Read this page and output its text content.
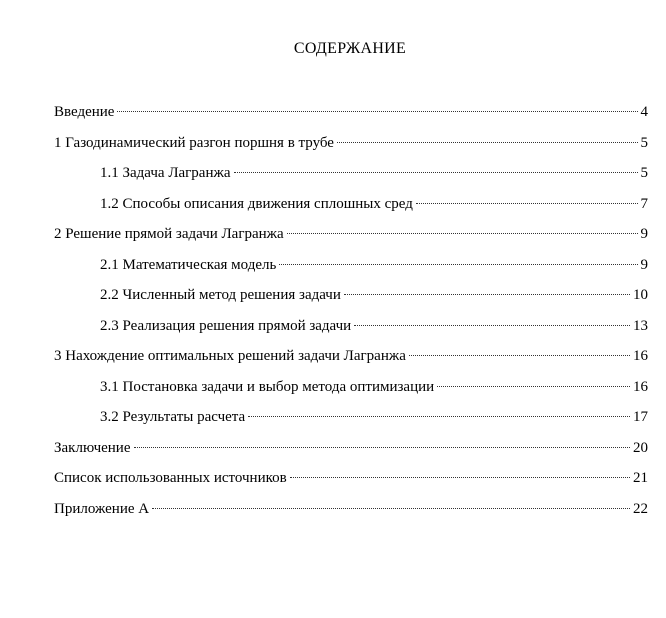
СОДЕРЖАНИЕ
Введение	4
1 Газодинамический разгон поршня в трубе	5
1.1 Задача Лагранжа	5
1.2 Способы описания движения сплошных сред	7
2 Решение прямой задачи Лагранжа	9
2.1 Математическая модель	9
2.2 Численный метод решения задачи	10
2.3 Реализация решения прямой задачи	13
3 Нахождение оптимальных решений задачи Лагранжа	16
3.1 Постановка задачи и выбор метода оптимизации	16
3.2 Результаты расчета	17
Заключение	20
Список использованных источников	21
Приложение А	22
